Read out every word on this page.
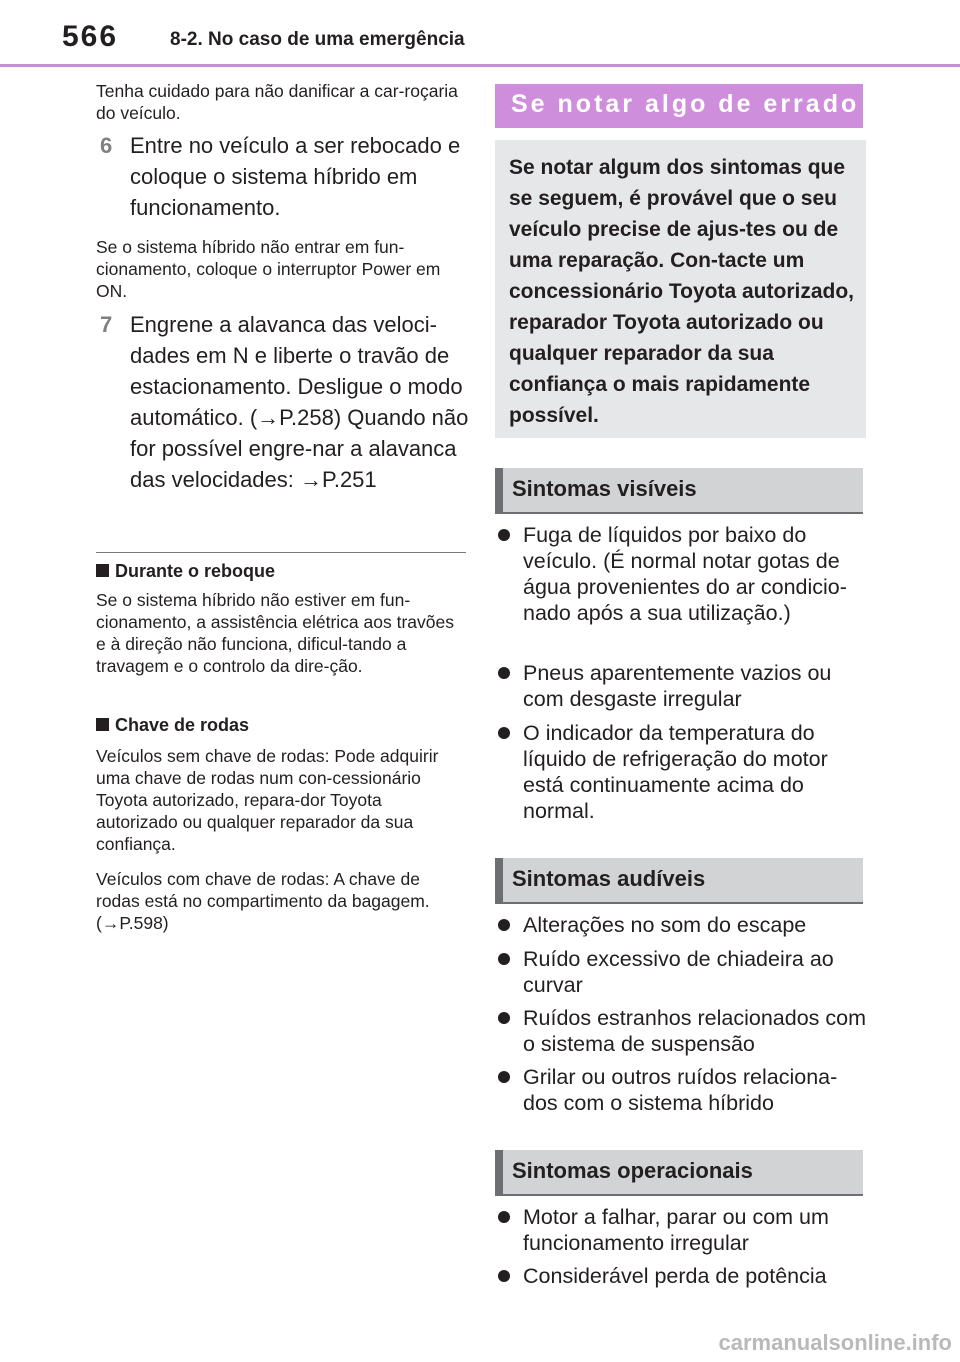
566	8-2. No caso de uma emergência
Tenha cuidado para não danificar a car-roçaria do veículo.
6 Entre no veículo a ser rebocado e coloque o sistema híbrido em funcionamento.
Se o sistema híbrido não entrar em fun-cionamento, coloque o interruptor Power em ON.
7 Engrene a alavanca das veloci-dades em N e liberte o travão de estacionamento. Desligue o modo automático. (→P.258) Quando não for possível engre-nar a alavanca das velocidades: →P.251
Durante o reboque
Se o sistema híbrido não estiver em fun-cionamento, a assistência elétrica aos travões e à direção não funciona, dificul-tando a travagem e o controlo da dire-ção.
Chave de rodas
Veículos sem chave de rodas: Pode adquirir uma chave de rodas num con-cessionário Toyota autorizado, repara-dor Toyota autorizado ou qualquer reparador da sua confiança.
Veículos com chave de rodas: A chave de rodas está no compartimento da bagagem. (→P.598)
Se notar algo de errado
Se notar algum dos sintomas que se seguem, é provável que o seu veículo precise de ajus-tes ou de uma reparação. Con-tacte um concessionário Toyota autorizado, reparador Toyota autorizado ou qualquer reparador da sua confiança o mais rapidamente possível.
Sintomas visíveis
Fuga de líquidos por baixo do veículo. (É normal notar gotas de água provenientes do ar condicio-nado após a sua utilização.)
Pneus aparentemente vazios ou com desgaste irregular
O indicador da temperatura do líquido de refrigeração do motor está continuamente acima do normal.
Sintomas audíveis
Alterações no som do escape
Ruído excessivo de chiadeira ao curvar
Ruídos estranhos relacionados com o sistema de suspensão
Grilar ou outros ruídos relaciona-dos com o sistema híbrido
Sintomas operacionais
Motor a falhar, parar ou com um funcionamento irregular
Considerável perda de potência
carmanualsonline.info
